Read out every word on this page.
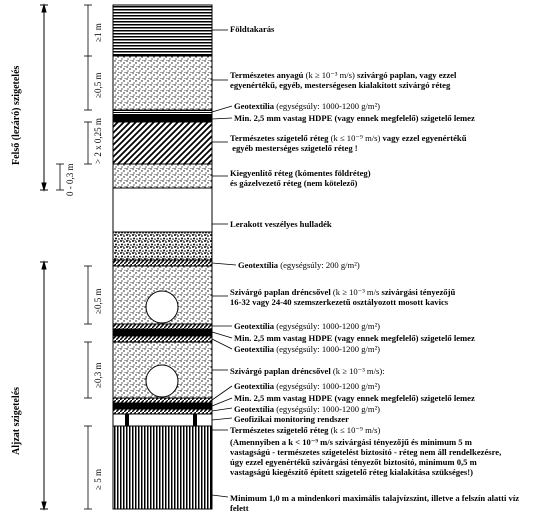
Felső (lezáró) szigetelés
Aljzat szigetelés
≥1 m
≥0,5 m
> 2 x 0,25 m
0 - 0,3 m
≥0,5 m
≥0,3 m
≥ 5 m
Földtakarás
Természetes anyagú (k ≥ 10⁻³ m/s) szivárgó paplan, vagy ezzel
egyenértékű, egyéb, mesterségesen kialakított szivárgó réteg
Geotextília (egységsúly: 1000-1200 g/m²)
Min. 2,5 mm vastag HDPE (vagy ennek megfelelő) szigetelő lemez
Természetes szigetelő réteg (k ≤ 10⁻⁹ m/s) vagy ezzel egyenértékű
egyéb mesterséges szigetelő réteg !
Kiegyenlítő réteg (kómentes földréteg)
és gázelvezető réteg (nem kötelező)
Lerakott veszélyes hulladék
Geotextília (egységsúly: 200 g/m²)
Szivárgó paplan dréncsővel (k ≥ 10⁻³ m/s szivárgási tényezőjű
16-32 vagy 24-40 szemszerkezetű osztályozott mosott kavics
Geotextília (egységsúly: 1000-1200 g/m²)
Min. 2,5 mm vastag HDPE (vagy ennek megfelelő) szigetelő lemez
Geotextília (egységsúly: 1000-1200 g/m²)
Szivárgó paplan dréncsővel (k ≥ 10⁻³ m/s):
Geotextília (egységsúly: 1000-1200 g/m²)
Min. 2,5 mm vastag HDPE (vagy ennek megfelelő) szigetelő lemez
Geotextília (egységsúly: 1000-1200 g/m²)
Geofizikai monitoring rendszer
Természetes szigetelő réteg (k ≤ 10⁻⁹ m/s)
(Amennyiben a k < 10⁻⁹ m/s szivárgási tényezőjű és minimum 5 m vastagságú - természetes szigetelést biztosító - réteg nem áll rendelkezésre, úgy ezzel egyenértékű szivárgási tényezőt biztosító, minimum 0,5 m vastagságú kiegészítő épített szigetelő réteg kialakítása szükséges!)
Minimum 1,0 m a mindenkori maximális talajvízszint, illetve a felszín alatti víz felett
